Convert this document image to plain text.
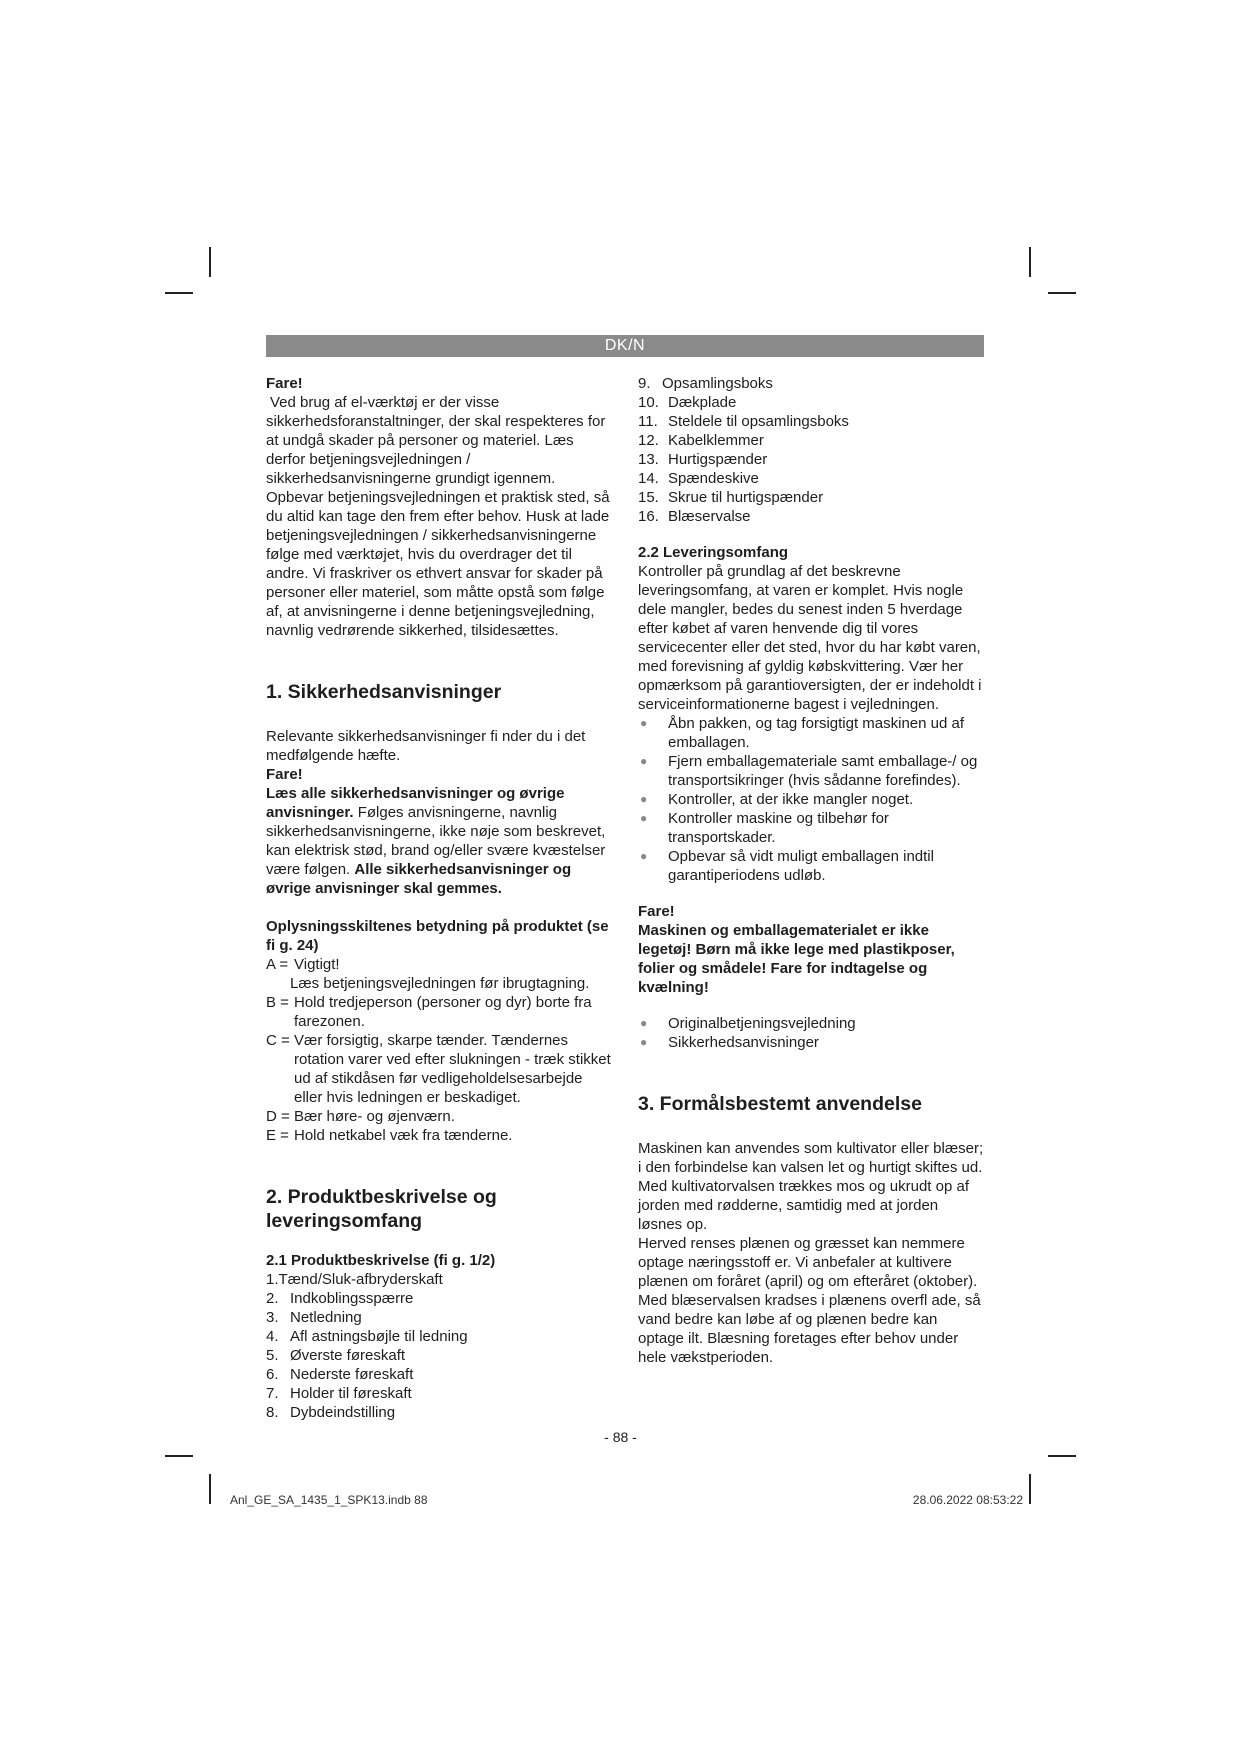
DK/N

Fare!

Ved brug af el-værktøj er der visse sikkerhedsforanstaltninger, der skal respekteres for at undgå skader på personer og materiel. Læs derfor betjeningsvejledningen / sikkerhedsanvisningerne grundigt igennem. Opbevar betjeningsvejledningen et praktisk sted, så du altid kan tage den frem efter behov. Husk at lade betjeningsvejledningen / sikkerhedsanvisningerne følge med værktøjet, hvis du overdrager det til andre. Vi fraskriver os ethvert ansvar for skader på personer eller materiel, som måtte opstå som følge af, at anvisningerne i denne betjeningsvejledning, navnlig vedrørende sikkerhed, tilsidesættes.

1. Sikkerhedsanvisninger

Relevante sikkerhedsanvisninger fi nder du i det medfølgende hæfte.

Fare!

Læs alle sikkerhedsanvisninger og øvrige anvisninger. Følges anvisningerne, navnlig sikkerhedsanvisningerne, ikke nøje som beskrevet, kan elektrisk stød, brand og/eller svære kvæstelser være følgen. Alle sikkerhedsanvisninger og øvrige anvisninger skal gemmes.

Oplysningsskiltenes betydning på produktet (se fi g. 24)

A = Vigtigt!
Læs betjeningsvejledningen før ibrugtagning.
B = Hold tredjeperson (personer og dyr) borte fra farezonen.
C = Vær forsigtig, skarpe tænder. Tændernes rotation varer ved efter slukningen - træk stikket ud af stikdåsen før vedligeholdelsesarbejde eller hvis ledningen er beskadiget.
D = Bær høre- og øjenværn.
E = Hold netkabel væk fra tænderne.

2. Produktbeskrivelse og leveringsomfang

2.1 Produktbeskrivelse (fi g. 1/2)

1.Tænd/Sluk-afbryderskaft

2. Indkoblingsspærre
3. Netledning
4. Afl astningsbøjle til ledning
5. Øverste føreskaft
6. Nederste føreskaft
7. Holder til føreskaft
8. Dybdeindstilling
9. Opsamlingsboks
10. Dækplade
11. Steldele til opsamlingsboks
12. Kabelklemmer
13. Hurtigspænder
14. Spændeskive
15. Skrue til hurtigspænder
16. Blæservalse

2.2 Leveringsomfang

Kontroller på grundlag af det beskrevne leveringsomfang, at varen er komplet. Hvis nogle dele mangler, bedes du senest inden 5 hverdage efter købet af varen henvende dig til vores servicecenter eller det sted, hvor du har købt varen, med forevisning af gyldig købskvittering. Vær her opmærksom på garantioversigten, der er indeholdt i serviceinformationerne bagest i vejledningen.

●	Åbn pakken, og tag forsigtigt maskinen ud af emballagen.
●	Fjern emballagemateriale samt emballage-/ og transportsikringer (hvis sådanne forefindes).
●	Kontroller, at der ikke mangler noget.
●	Kontroller maskine og tilbehør for transportskader.
●	Opbevar så vidt muligt emballagen indtil garantiperiodens udløb.

Fare!

Maskinen og emballagematerialet er ikke legetøj! Børn må ikke lege med plastikposer, folier og smådele! Fare for indtagelse og kvælning!

●	Originalbetjeningsvejledning
●	Sikkerhedsanvisninger

3. Formålsbestemt anvendelse

Maskinen kan anvendes som kultivator eller blæser; i den forbindelse kan valsen let og hurtigt skiftes ud. Med kultivatorvalsen trækkes mos og ukrudt op af jorden med rødderne, samtidig med at jorden løsnes op.

Herved renses plænen og græsset kan nemmere optage næringsstoff er. Vi anbefaler at kultivere plænen om foråret (april) og om efteråret (oktober).

Med blæservalsen kradses i plænens overfl ade, så vand bedre kan løbe af og plænen bedre kan optage ilt. Blæsning foretages efter behov under hele vækstperioden.

- 88 -
Anl_GE_SA_1435_1_SPK13.indb 88	28.06.2022 08:53:22
